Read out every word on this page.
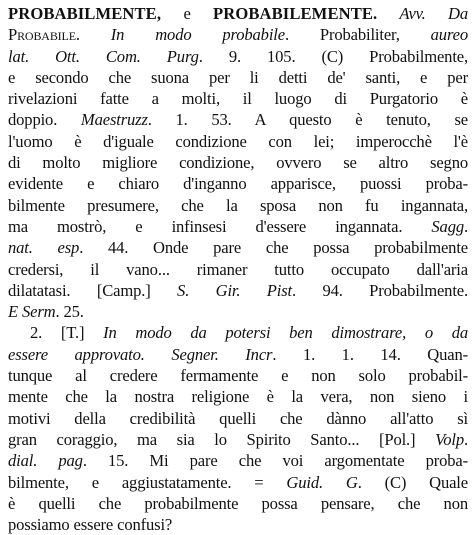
PROBABILMENTE, e PROBABILEMENTE. Avv. Da
Probabile. In modo probabile. Probabiliter, aureo
lat. Ott. Com. Purg. 9. 105. (C) Probabilmente,
e secondo che suona per li detti de' santi, e per
rivelazioni fatte a molti, il luogo di Purgatorio è
doppio. Maestruzz. 1. 53. A questo è tenuto, se
l'uomo è d'iguale condizione con lei; imperocchè l'è
di molto migliore condizione, ovvero se altro segno
evidente e chiaro d'inganno apparisce, puossi proba-
bilmente presumere, che la sposa non fu ingannata,
ma mostrò, e infinsesi d'essere ingannata. Sagg.
nat. esp. 44. Onde pare che possa probabilmente
credersi, il vano... rimaner tutto occupato dall'aria
dilatatasi. [Camp.] S. Gir. Pist. 94. Probabilmente.
E Serm. 25.
2. [T.] In modo da potersi ben dimostrare, o da
essere approvato. Segner. Incr. 1. 1. 14. Quan-
tunque al credere fermamente e non solo probabil-
mente che la nostra religione è la vera, non sieno i
motivi della credibilità quelli che dànno all'atto sì
gran coraggio, ma sia lo Spirito Santo... [Pol.] Volp.
dial. pag. 15. Mi pare che voi argomentate proba-
bilmente, e aggiustatamente. = Guid. G. (C) Quale
è quelli che probabilmente possa pensare, che non
possiamo essere confusi?
